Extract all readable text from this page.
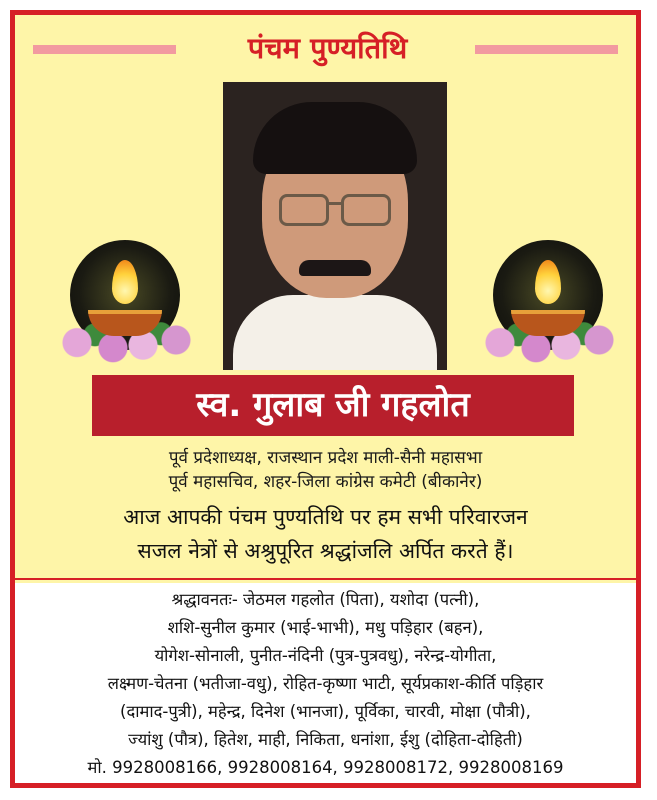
पंचम पुण्यतिथि
स्व. गुलाब जी गहलोत
पूर्व प्रदेशाध्यक्ष, राजस्थान प्रदेश माली-सैनी महासभा
पूर्व महासचिव, शहर-जिला कांग्रेस कमेटी (बीकानेर)
आज आपकी पंचम पुण्यतिथि पर हम सभी परिवारजन
सजल नेत्रों से अश्रुपूरित श्रद्धांजलि अर्पित करते हैं।
श्रद्धावनतः- जेठमल गहलोत (पिता), यशोदा (पत्नी),
शशि-सुनील कुमार (भाई-भाभी), मधु पड़िहार (बहन),
योगेश-सोनाली, पुनीत-नंदिनी (पुत्र-पुत्रवधु), नरेन्द्र-योगीता,
लक्ष्मण-चेतना (भतीजा-वधु), रोहित-कृष्णा भाटी, सूर्यप्रकाश-कीर्ति पड़िहार
(दामाद-पुत्री), महेन्द्र, दिनेश (भानजा), पूर्विका, चारवी, मोक्षा (पौत्री),
ज्यांशु (पौत्र), हितेश, माही, निकिता, धनांशा, ईशु (दोहिता-दोहिती)
मो. 9928008166, 9928008164, 9928008172, 9928008169
